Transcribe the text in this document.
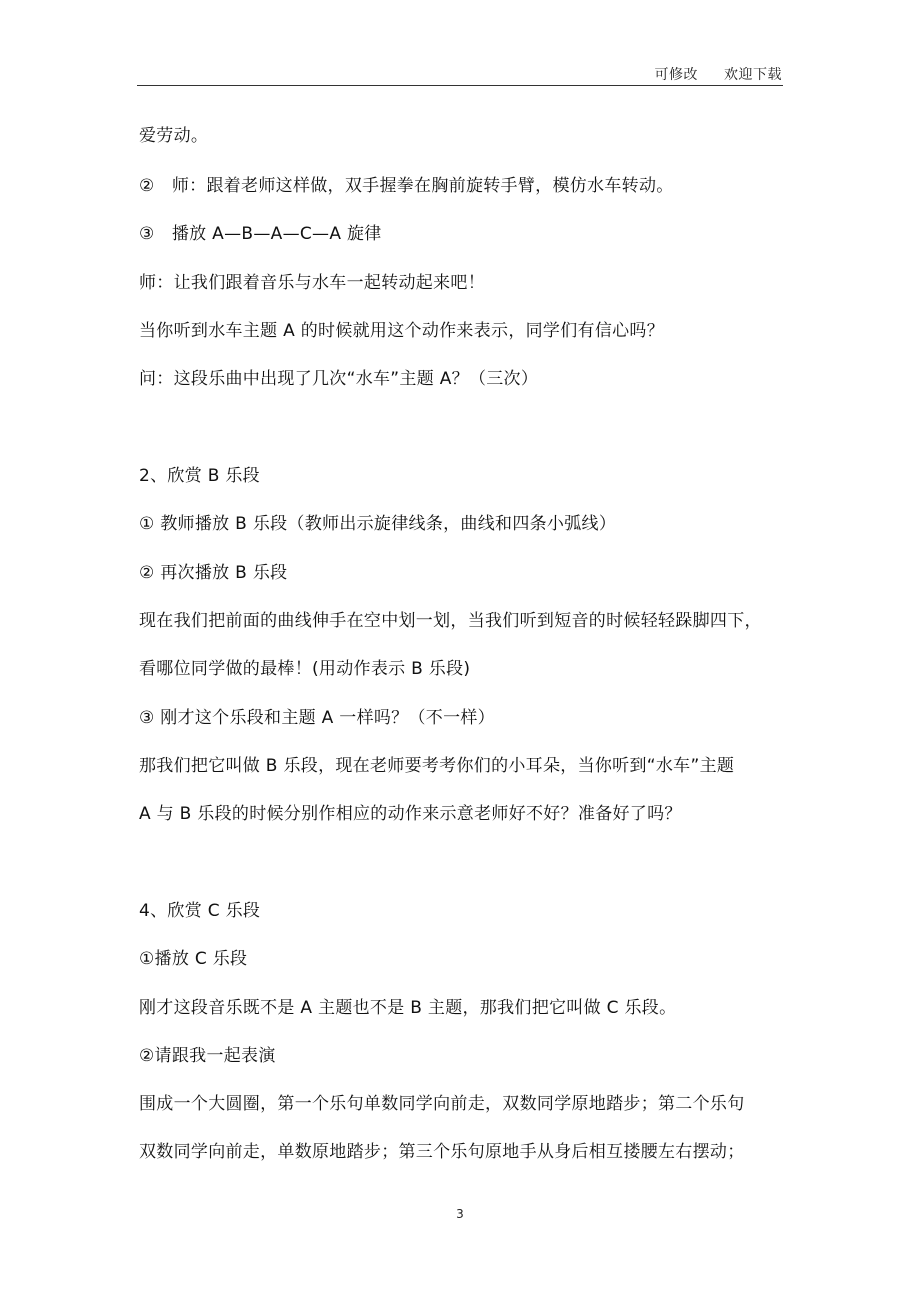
可修改 欢迎下载
爱劳动。
②　师：跟着老师这样做，双手握拳在胸前旋转手臂，模仿水车转动。
③　播放 A—B—A—C—A 旋律
师：让我们跟着音乐与水车一起转动起来吧！
当你听到水车主题 A 的时候就用这个动作来表示，同学们有信心吗？
问：这段乐曲中出现了几次“水车”主题 A？（三次）
2、欣赏 B 乐段
① 教师播放 B 乐段（教师出示旋律线条，曲线和四条小弧线）
② 再次播放 B 乐段
现在我们把前面的曲线伸手在空中划一划，当我们听到短音的时候轻轻跺脚四下，
看哪位同学做的最棒！(用动作表示 B 乐段)
③ 刚才这个乐段和主题 A 一样吗？（不一样）
那我们把它叫做 B 乐段，现在老师要考考你们的小耳朵，当你听到“水车”主题
A 与 B 乐段的时候分别作相应的动作来示意老师好不好？准备好了吗？
4、欣赏 C 乐段
①播放 C 乐段
刚才这段音乐既不是 A 主题也不是 B 主题，那我们把它叫做 C 乐段。
②请跟我一起表演
围成一个大圆圈，第一个乐句单数同学向前走，双数同学原地踏步；第二个乐句
双数同学向前走，单数原地踏步；第三个乐句原地手从身后相互搂腰左右摆动；
3
